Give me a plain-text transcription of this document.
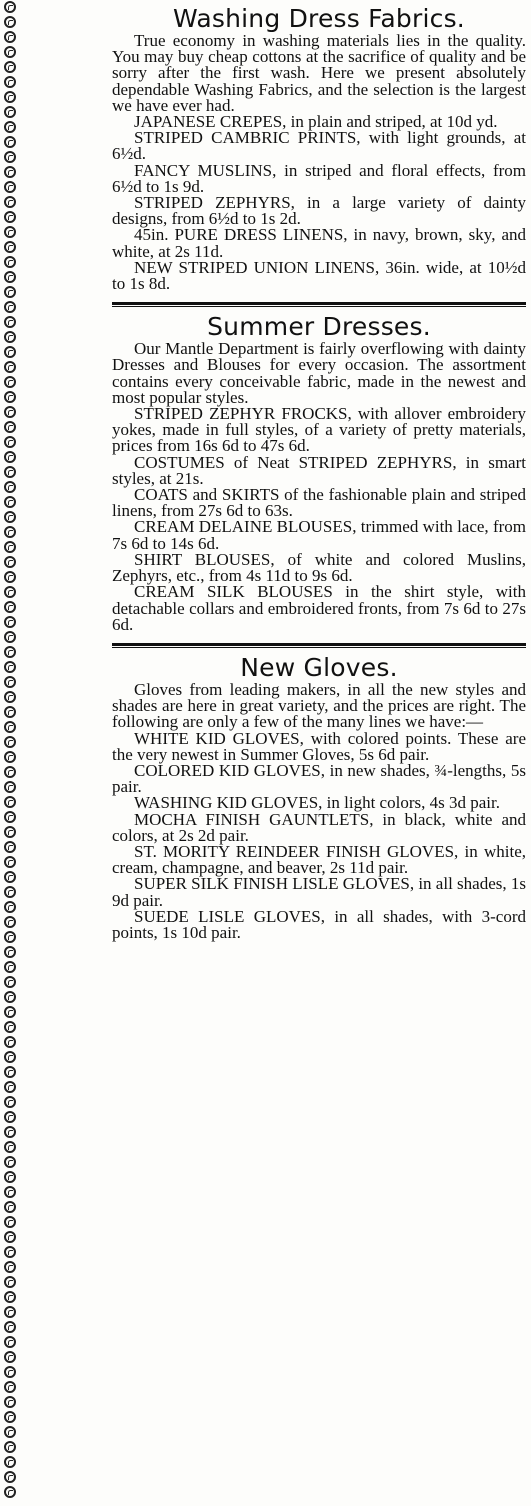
Washing Dress Fabrics.

True economy in washing materials lies in the quality. You may buy cheap cottons at the sacrifice of quality and be sorry after the first wash. Here we present absolutely dependable Washing Fabrics, and the selection is the largest we have ever had.

JAPANESE CREPES, in plain and striped, at 10d yd.

STRIPED CAMBRIC PRINTS, with light grounds, at 6½d.

FANCY MUSLINS, in striped and floral effects, from 6½d to 1s 9d.

STRIPED ZEPHYRS, in a large variety of dainty designs, from 6½d to 1s 2d.

45in. PURE DRESS LINENS, in navy, brown, sky, and white, at 2s 11d.

NEW STRIPED UNION LINENS, 36in. wide, at 10½d to 1s 8d.

Summer Dresses.

Our Mantle Department is fairly overflowing with dainty Dresses and Blouses for every occasion. The assortment contains every conceivable fabric, made in the newest and most popular styles.

STRIPED ZEPHYR FROCKS, with allover embroidery yokes, made in full styles, of a variety of pretty materials, prices from 16s 6d to 47s 6d.

COSTUMES of Neat STRIPED ZEPHYRS, in smart styles, at 21s.

COATS and SKIRTS of the fashionable plain and striped linens, from 27s 6d to 63s.

CREAM DELAINE BLOUSES, trimmed with lace, from 7s 6d to 14s 6d.

SHIRT BLOUSES, of white and colored Muslins, Zephyrs, etc., from 4s 11d to 9s 6d.

CREAM SILK BLOUSES in the shirt style, with detachable collars and embroidered fronts, from 7s 6d to 27s 6d.

New Gloves.

Gloves from leading makers, in all the new styles and shades are here in great variety, and the prices are right. The following are only a few of the many lines we have:—

WHITE KID GLOVES, with colored points. These are the very newest in Summer Gloves, 5s 6d pair.

COLORED KID GLOVES, in new shades, ¾-lengths, 5s pair.

WASHING KID GLOVES, in light colors, 4s 3d pair.

MOCHA FINISH GAUNTLETS, in black, white and colors, at 2s 2d pair.

ST. MORITY REINDEER FINISH GLOVES, in white, cream, champagne, and beaver, 2s 11d pair.

SUPER SILK FINISH LISLE GLOVES, in all shades, 1s 9d pair.

SUEDE LISLE GLOVES, in all shades, with 3-cord points, 1s 10d pair.
